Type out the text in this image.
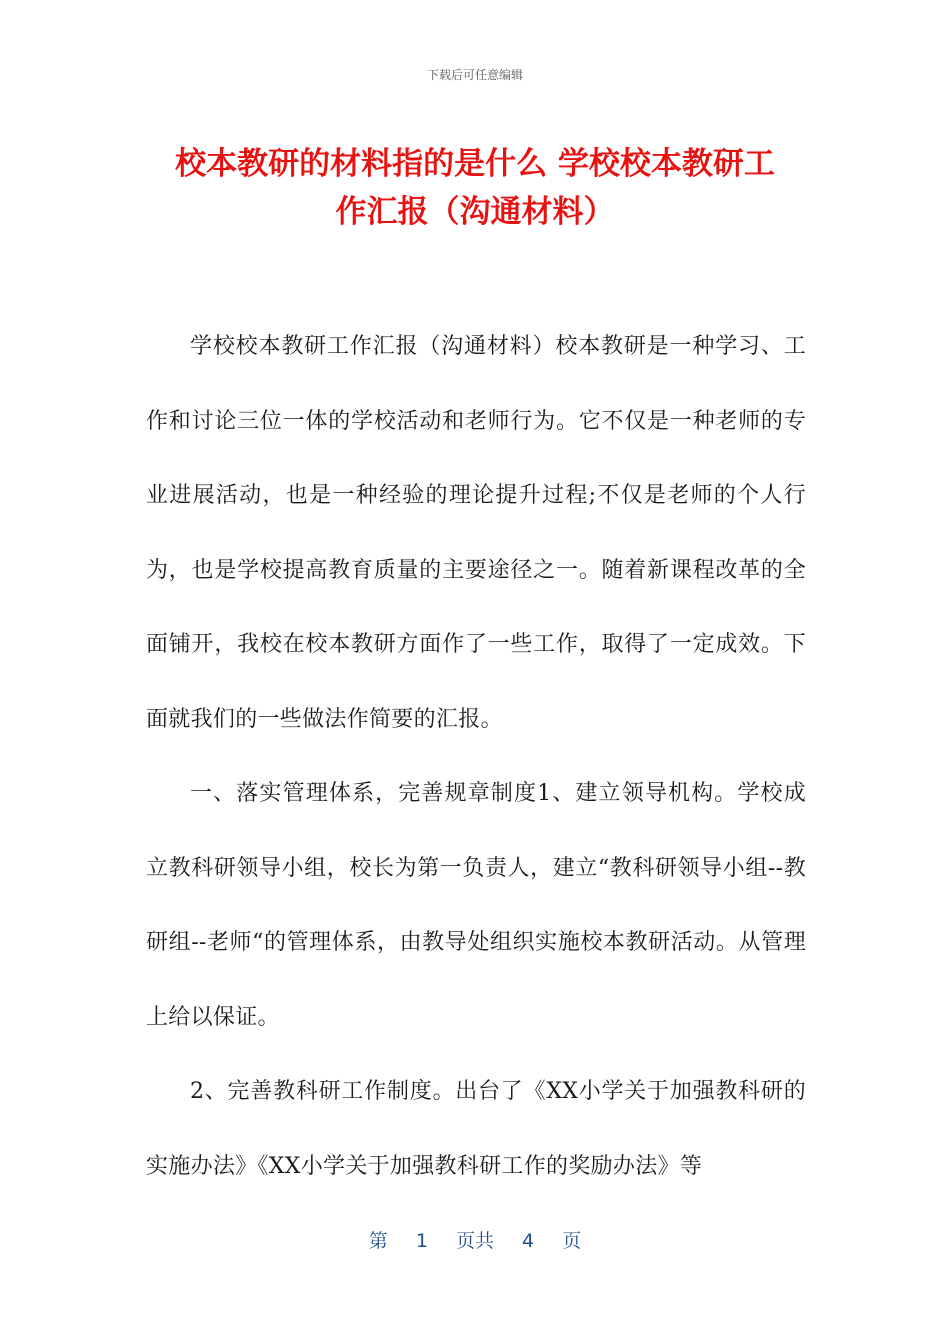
下载后可任意编辑
校本教研的材料指的是什么 学校校本教研工
作汇报（沟通材料）

学校校本教研工作汇报（沟通材料）校本教研是一种学习、工作和讨论三位一体的学校活动和老师行为。它不仅是一种老师的专业进展活动，也是一种经验的理论提升过程;不仅是老师的个人行为，也是学校提高教育质量的主要途径之一。随着新课程改革的全面铺开，我校在校本教研方面作了一些工作，取得了一定成效。下面就我们的一些做法作简要的汇报。

一、落实管理体系，完善规章制度1、建立领导机构。学校成立教科研领导小组，校长为第一负责人，建立“教科研领导小组--教研组--老师“的管理体系，由教导处组织实施校本教研活动。从管理上给以保证。

2、完善教科研工作制度。出台了《XX小学关于加强教科研的实施办法》《XX小学关于加强教科研工作的奖励办法》等

第 1 页共 4 页
